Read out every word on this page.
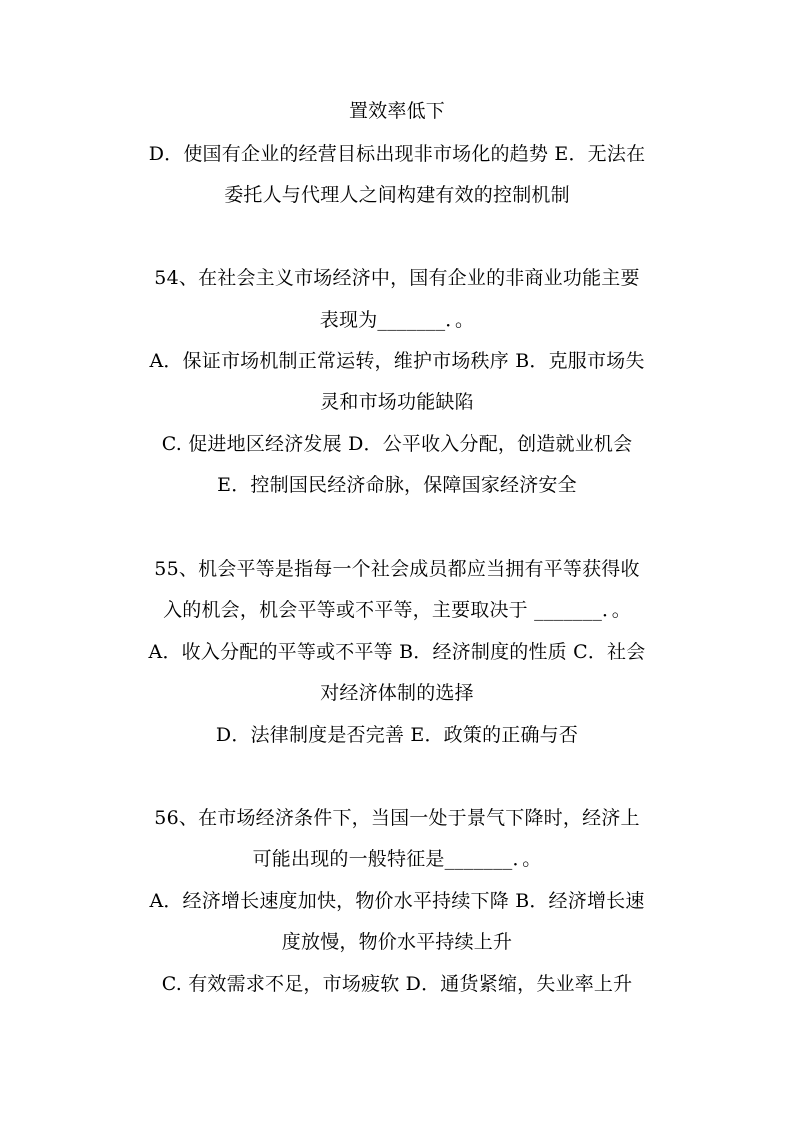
置效率低下
D．使国有企业的经营目标出现非市场化的趋势 E．无法在
委托人与代理人之间构建有效的控制机制
54、在社会主义市场经济中，国有企业的非商业功能主要
表现为_______．。
A．保证市场机制正常运转，维护市场秩序 B．克服市场失
灵和市场功能缺陷
C. 促进地区经济发展 D．公平收入分配，创造就业机会
E．控制国民经济命脉，保障国家经济安全
55、机会平等是指每一个社会成员都应当拥有平等获得收
入的机会，机会平等或不平等，主要取决于 _______．。
A．收入分配的平等或不平等 B．经济制度的性质 C．社会
对经济体制的选择
D．法律制度是否完善 E．政策的正确与否
56、在市场经济条件下，当国一处于景气下降时，经济上
可能出现的一般特征是_______．。
A．经济增长速度加快，物价水平持续下降 B．经济增长速
度放慢，物价水平持续上升
C. 有效需求不足，市场疲软 D．通货紧缩，失业率上升
